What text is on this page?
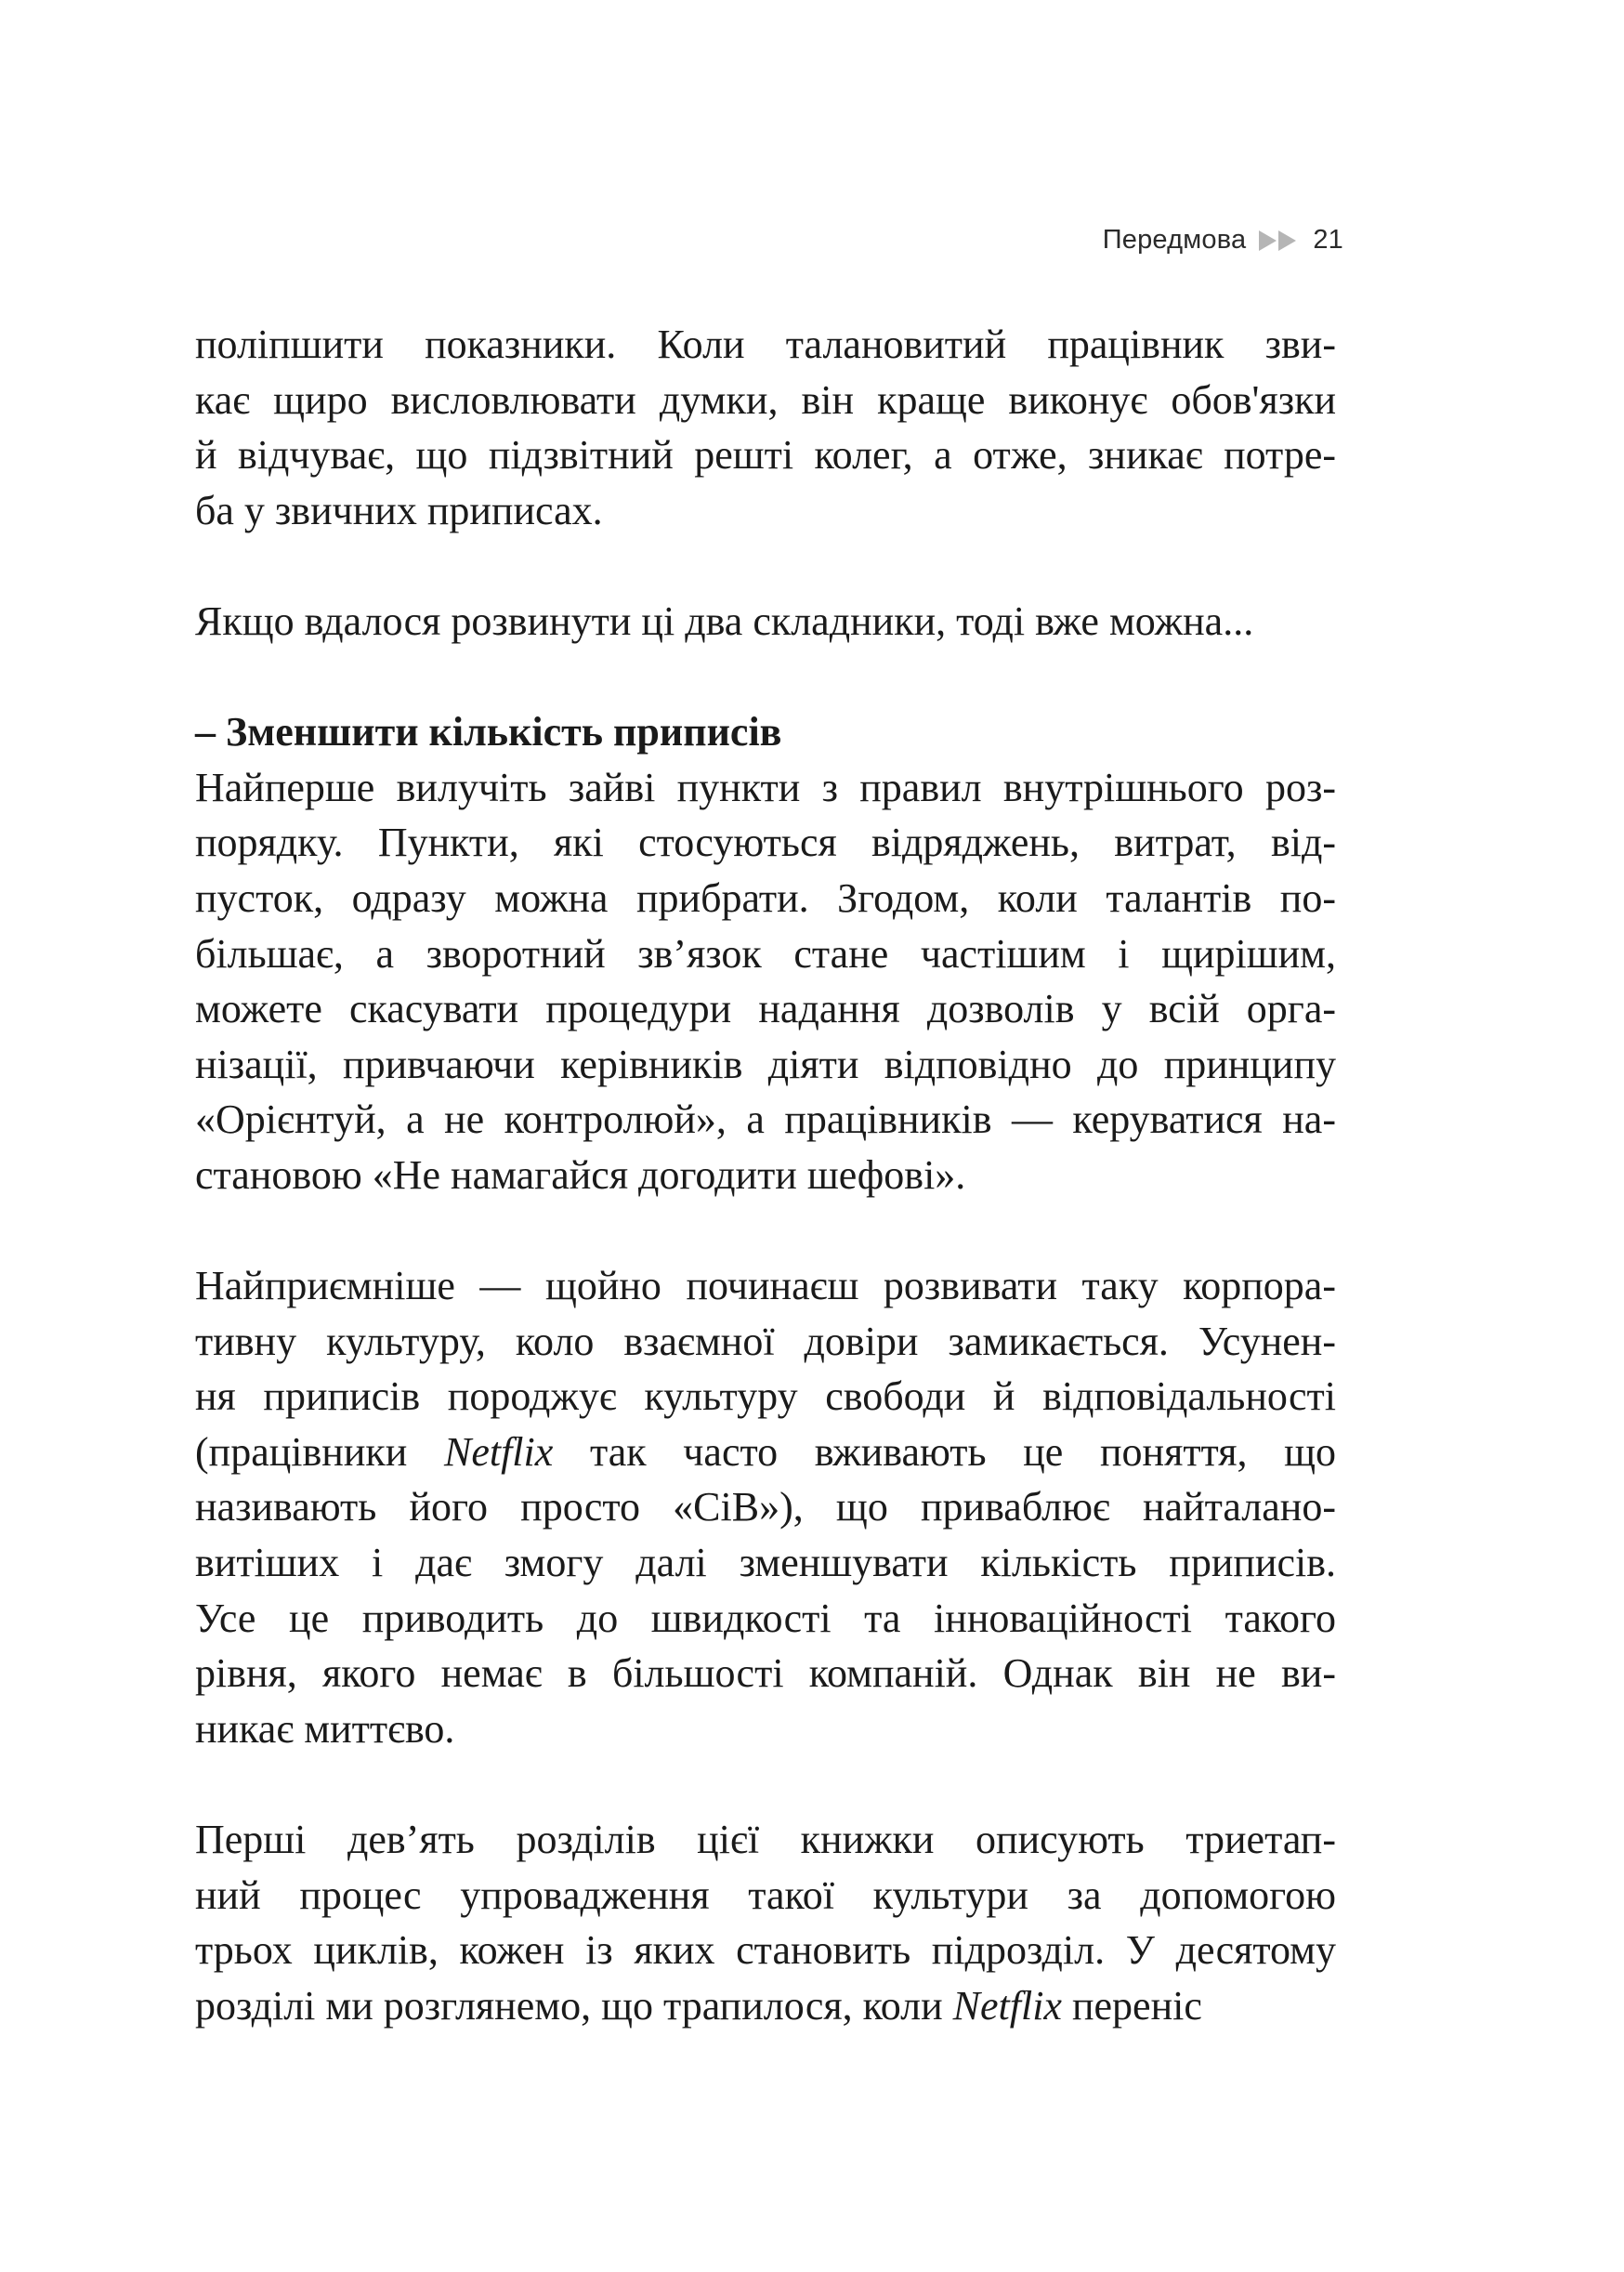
Передмова 21
поліпшити показники. Коли талановитий працівник зви-
кає щиро висловлювати думки, він краще виконує обов'язки
й відчуває, що підзвітний решті колег, а отже, зникає потре-
ба у звичних приписах.
Якщо вдалося розвинути ці два складники, тоді вже можна...
– Зменшити кількість приписів
Найперше вилучіть зайві пункти з правил внутрішнього роз-
порядку. Пункти, які стосуються відряджень, витрат, від-
пусток, одразу можна прибрати. Згодом, коли талантів по-
більшає, а зворотний зв’язок стане частішим і щирішим,
можете скасувати процедури надання дозволів у всій орга-
нізації, привчаючи керівників діяти відповідно до принципу
«Орієнтуй, а не контролюй», а працівників — керуватися на-
становою «Не намагайся догодити шефові».
Найприємніше — щойно починаєш розвивати таку корпора-
тивну культуру, коло взаємної довіри замикається. Усунен-
ня приписів породжує культуру свободи й відповідальності
(працівники Netflix так часто вживають це поняття, що
називають його просто «СіВ»), що приваблює найталано-
витіших і дає змогу далі зменшувати кількість приписів.
Усе це приводить до швидкості та інноваційності такого
рівня, якого немає в більшості компаній. Однак він не ви-
никає миттєво.
Перші дев’ять розділів цієї книжки описують триетап-
ний процес упровадження такої культури за допомогою
трьох циклів, кожен із яких становить підрозділ. У десятому
розділі ми розглянемо, що трапилося, коли Netflix переніс
